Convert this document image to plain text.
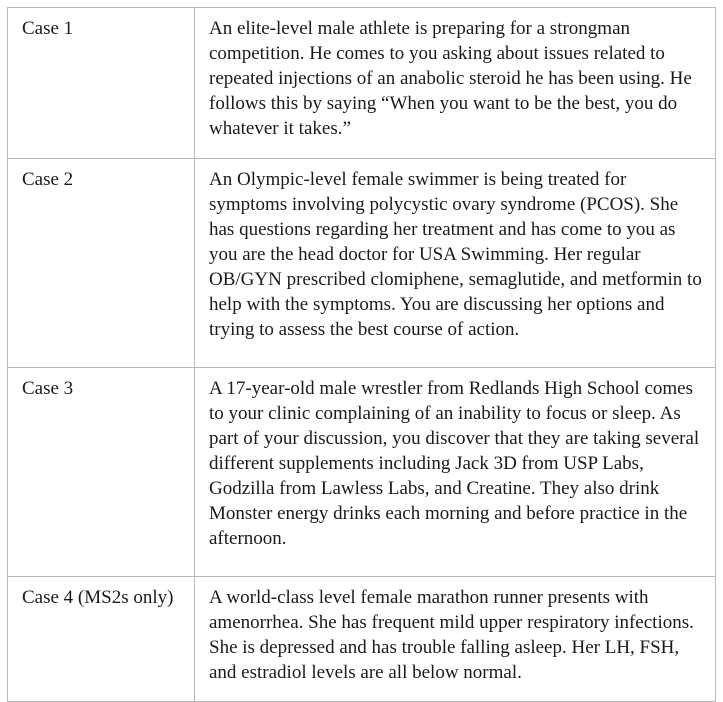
Case 1	An elite-level male athlete is preparing for a strongman competition. He comes to you asking about issues related to repeated injections of an anabolic steroid he has been using. He follows this by saying “When you want to be the best, you do whatever it takes.”
Case 2	An Olympic-level female swimmer is being treated for symptoms involving polycystic ovary syndrome (PCOS). She has questions regarding her treatment and has come to you as you are the head doctor for USA Swimming. Her regular OB/GYN prescribed clomiphene, semaglutide, and metformin to help with the symptoms. You are discussing her options and trying to assess the best course of action.
Case 3	A 17-year-old male wrestler from Redlands High School comes to your clinic complaining of an inability to focus or sleep. As part of your discussion, you discover that they are taking several different supplements including Jack 3D from USP Labs, Godzilla from Lawless Labs, and Creatine. They also drink Monster energy drinks each morning and before practice in the afternoon.
Case 4 (MS2s only)	A world-class level female marathon runner presents with amenorrhea. She has frequent mild upper respiratory infections. She is depressed and has trouble falling asleep. Her LH, FSH, and estradiol levels are all below normal.
